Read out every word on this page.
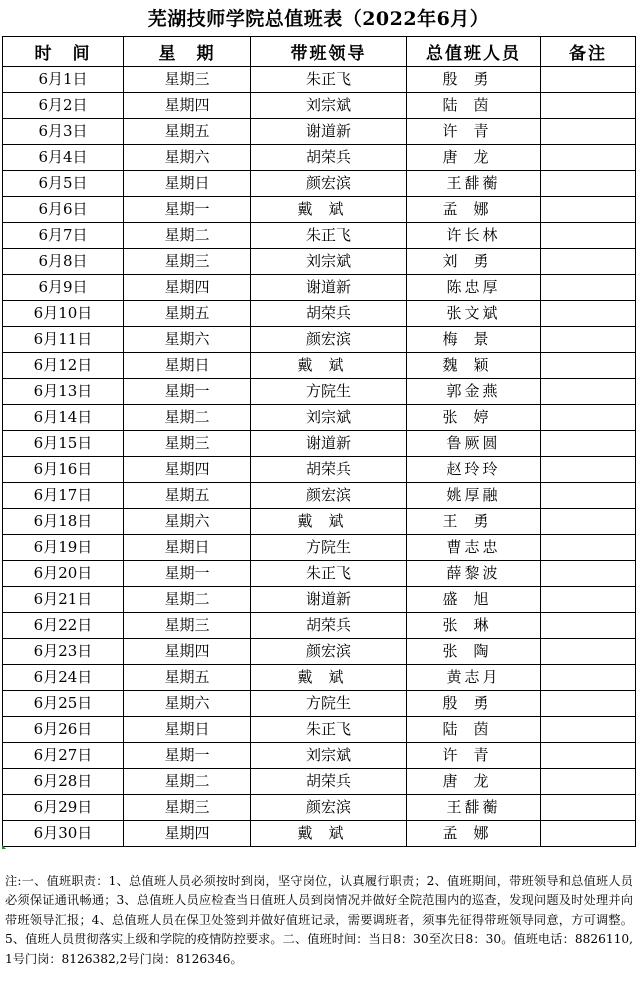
芜湖技师学院总值班表（2022年6月）
时　间	星　期	带班领导	总值班人员	备注
6月1日	星期三	朱正飞	殷勇	
6月2日	星期四	刘宗斌	陆茵	
6月3日	星期五	谢道新	许青	
6月4日	星期六	胡荣兵	唐龙	
6月5日	星期日	颜宏滨	王馡蘅	
6月6日	星期一	戴斌	孟娜	
6月7日	星期二	朱正飞	许长林	
6月8日	星期三	刘宗斌	刘勇	
6月9日	星期四	谢道新	陈忠厚	
6月10日	星期五	胡荣兵	张文斌	
6月11日	星期六	颜宏滨	梅景	
6月12日	星期日	戴斌	魏颖	
6月13日	星期一	方院生	郭金燕	
6月14日	星期二	刘宗斌	张婷	
6月15日	星期三	谢道新	鲁厥圆	
6月16日	星期四	胡荣兵	赵玲玲	
6月17日	星期五	颜宏滨	姚厚融	
6月18日	星期六	戴斌	王勇	
6月19日	星期日	方院生	曹志忠	
6月20日	星期一	朱正飞	薛黎波	
6月21日	星期二	谢道新	盛旭	
6月22日	星期三	胡荣兵	张琳	
6月23日	星期四	颜宏滨	张陶	
6月24日	星期五	戴斌	黄志月	
6月25日	星期六	方院生	殷勇	
6月26日	星期日	朱正飞	陆茵	
6月27日	星期一	刘宗斌	许青	
6月28日	星期二	胡荣兵	唐龙	
6月29日	星期三	颜宏滨	王馡蘅	
6月30日	星期四	戴斌	孟娜	
注:一、值班职责：1、总值班人员必须按时到岗，坚守岗位，认真履行职责；2、值班期间，带班领导和总值班人员必须保证通讯畅通；3、总值班人员应检查当日值班人员到岗情况并做好全院范围内的巡查，发现问题及时处理并向带班领导汇报；4、总值班人员在保卫处签到并做好值班记录，需要调班者，须事先征得带班领导同意，方可调整。5、值班人员贯彻落实上级和学院的疫情防控要求。二、值班时间：当日8：30至次日8：30。值班电话：8826110,1号门岗：8126382,2号门岗：8126346。
